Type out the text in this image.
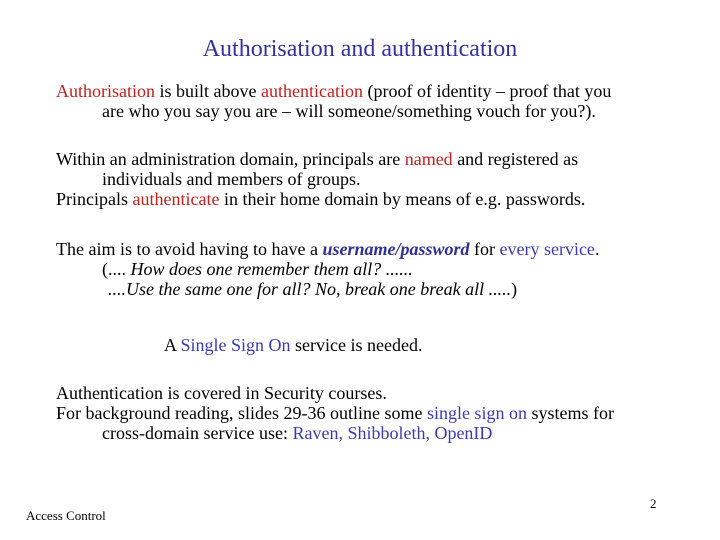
Authorisation and authentication

Authorisation is built above authentication (proof of identity – proof that you
are who you say you are – will someone/something vouch for you?).

Within an administration domain, principals are named and registered as
individuals and members of groups.
Principals authenticate in their home domain by means of e.g. passwords.

The aim is to avoid having to have a username/password for every service.
(.... How does one remember them all? ......
....Use the same one for all? No, break one break all .....)

A Single Sign On service is needed.

Authentication is covered in Security courses.
For background reading, slides 29-36 outline some single sign on systems for
cross-domain service use: Raven, Shibboleth, OpenID

Access Control
2
